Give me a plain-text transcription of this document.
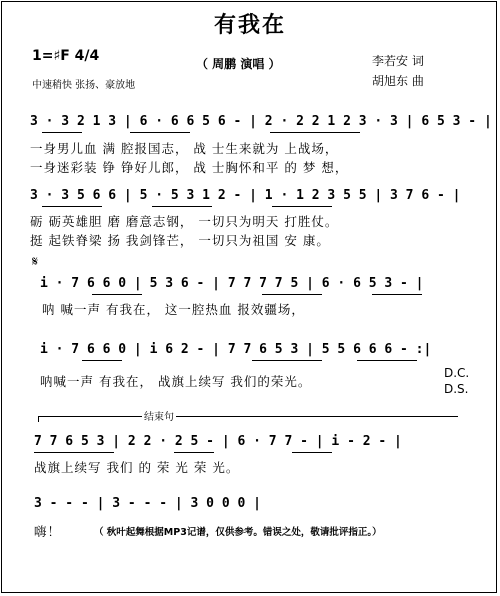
有我在
1=♯F 4/4
中速稍快 张扬、豪放地
（ 周鹏 演唱 ）	李若安 词
胡旭东 曲
3 · 3 2 1 3 | 6 · 6 6 5 6 - | 2 · 2 2 1 2 3 · 3 | 6 5 3 - |
一身男儿血 满 腔报国志， 战 士生来就为 上战场，
一身迷彩装 铮 铮好儿郎， 战 士胸怀和平 的 梦 想，
3 · 3 5 6 6 | 5 · 5 3 1 2 - | 1 · 1 2 3 5 5 | 3 7 6 - |
砺 砺英雄胆 磨 磨意志钢， 一切只为明天 打胜仗。
挺 起铁脊梁 扬 我剑锋芒， 一切只为祖国 安 康。
𝄋
i · 7 6 6 0 | 5 3 6 - | 7 7 7 7 5 | 6 · 6 5 3 - |
呐 喊一声 有我在， 这一腔热血 报效疆场，
i · 7 6 6 0 | i 6 2 - | 7 7 6 5 3 | 5 5 6 6 6 - :|
呐喊一声 有我在， 战旗上续写 我们的荣光。
D.C.
D.S.
结束句
7 7 6 5 3 | 2 2 · 2 5 - | 6 · 7 7 - | i - 2 - |
战旗上续写 我们 的 荣 光 荣 光。
3 - - - | 3 - - - | 3 0 0 0 |
嗨！	（ 秋叶起舞根据MP3记谱，仅供参考。错误之处，敬请批评指正。）
